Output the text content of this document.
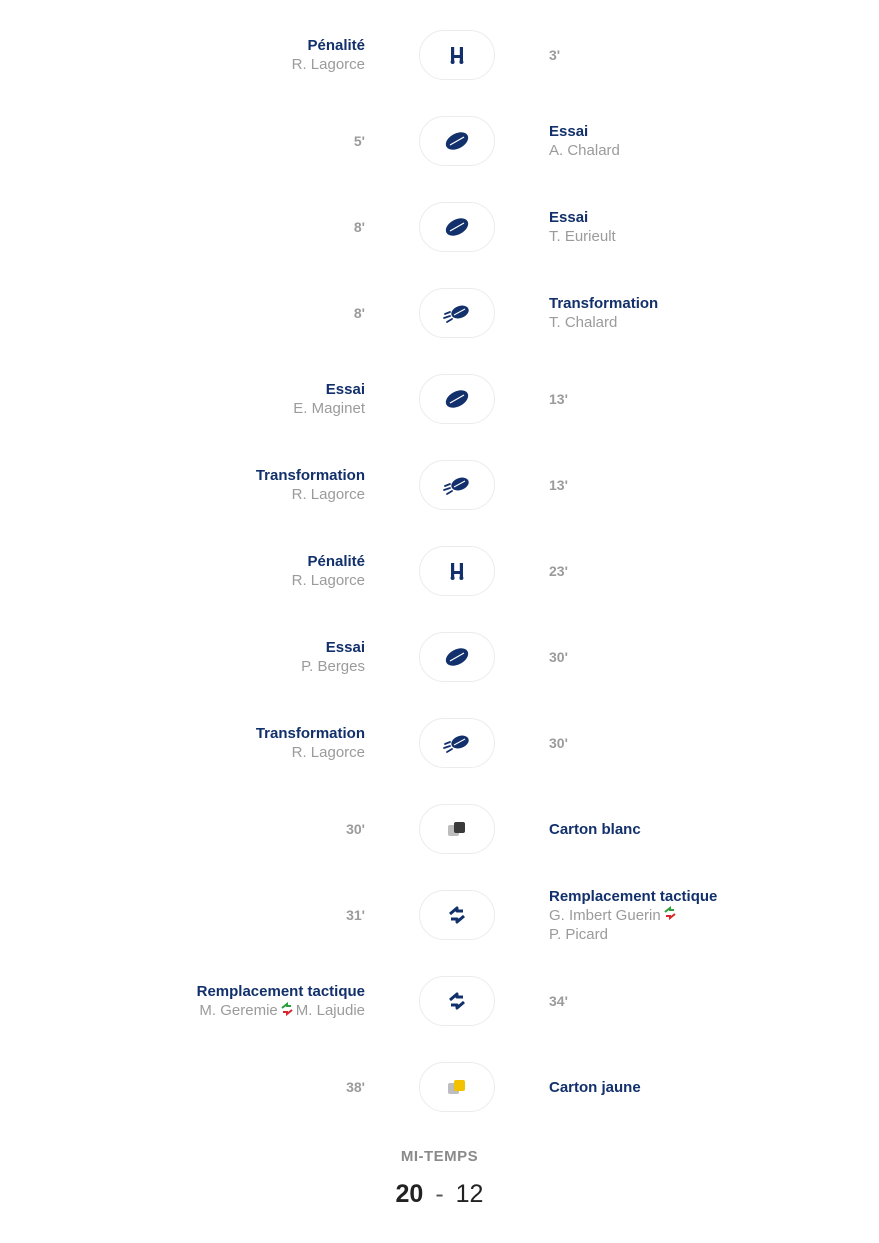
Pénalité
R. Lagorce
3'
Essai
A. Chalard
5'
Essai
T. Eurieult
8'
Transformation
T. Chalard
8'
Essai
E. Maginet
13'
Transformation
R. Lagorce
13'
Pénalité
R. Lagorce
23'
Essai
P. Berges
30'
Transformation
R. Lagorce
30'
Carton blanc
30'
Remplacement tactique
G. Imbert Guerin
P. Picard
31'
Remplacement tactique
M. Geremie M. Lajudie
34'
Carton jaune
38'
MI-TEMPS
20 - 12
